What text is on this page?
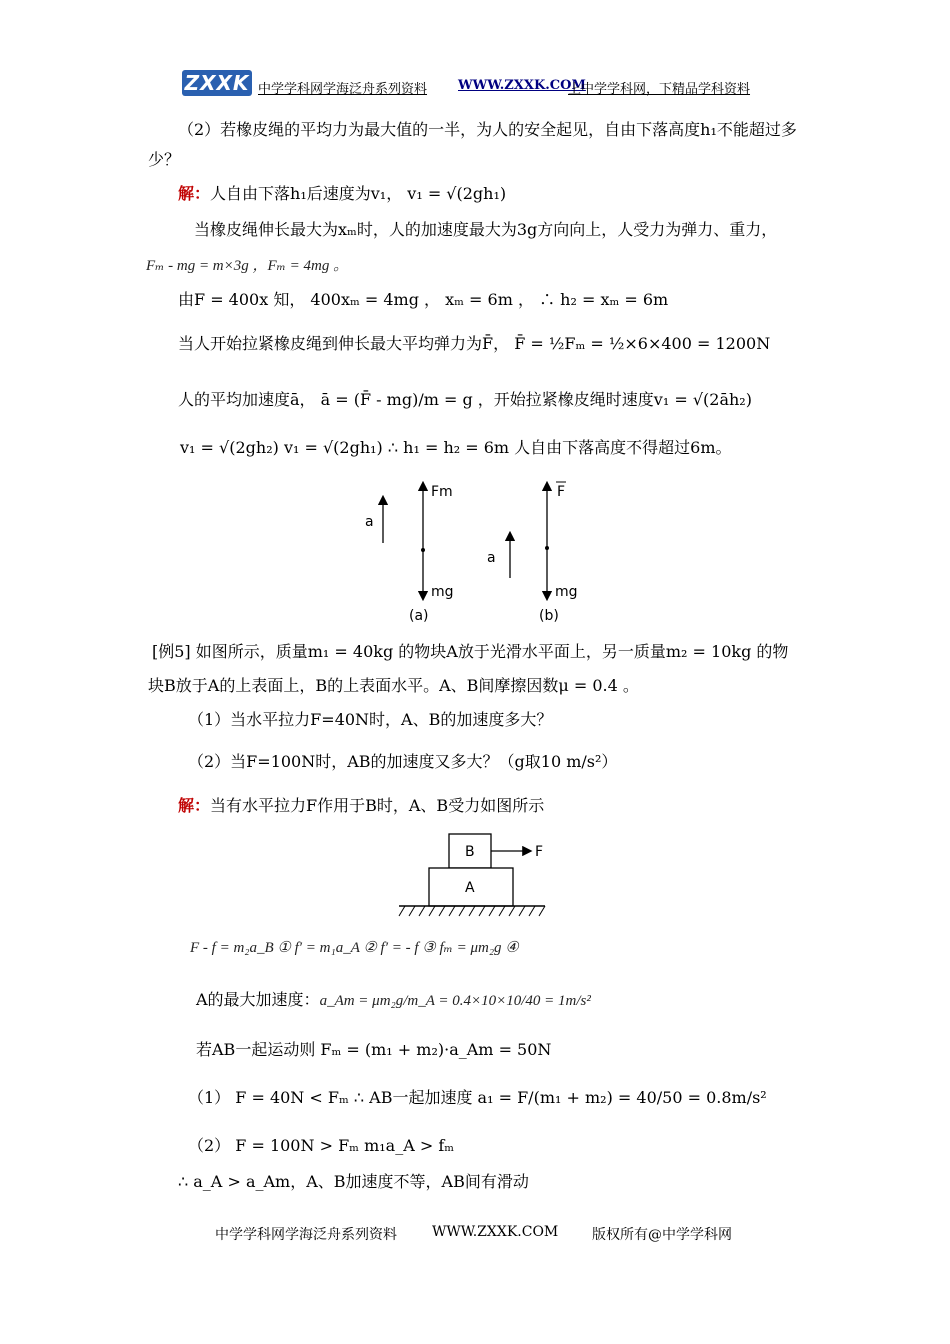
ZXXK 中学学科网学海泛舟系列资料 WWW.ZXXK.COM
上中学学科网，下精品学科资料
（2）若橡皮绳的平均力为最大值的一半，为人的安全起见，自由下落高度h₁不能超过多
少？
解：人自由下落h₁后速度为v₁， v₁ = √(2gh₁)
当橡皮绳伸长最大为xₘ时，人的加速度最大为3g方向向上，人受力为弹力、重力，
Fₘ - mg = m×3g ，Fₘ = 4mg 。
由F = 400x 知， 400xₘ = 4mg ， xₘ = 6m ， ∴ h₂ = xₘ = 6m
当人开始拉紧橡皮绳到伸长最大平均弹力为F̄， F̄ = ½Fₘ = ½×6×400 = 1200N
人的平均加速度ā， ā = (F̄ - mg)/m = g ，开始拉紧橡皮绳时速度v₁ = √(2āh₂)
v₁ = √(2gh₂) v₁ = √(2gh₁) ∴ h₁ = h₂ = 6m 人自由下落高度不得超过6m。
a
Fm
mg
(a)
a
F
mg
(b)
[例5] 如图所示，质量m₁ = 40kg 的物块A放于光滑水平面上，另一质量m₂ = 10kg 的物
块B放于A的上表面上，B的上表面水平。A、B间摩擦因数μ = 0.4 。
（1）当水平拉力F=40N时，A、B的加速度多大？
（2）当F=100N时，AB的加速度又多大？（g取10 m/s²）
解：当有水平拉力F作用于B时，A、B受力如图所示
B
A
F
F - f = m₂a_B ① f′ = m₁a_A ② f′ = - f ③ fₘ = μm₂g ④
A的最大加速度：a_Am = μm₂g/m_A = 0.4×10×10/40 = 1m/s²
若AB一起运动则 Fₘ = (m₁ + m₂)·a_Am = 50N
（1） F = 40N < Fₘ ∴ AB一起加速度 a₁ = F/(m₁ + m₂) = 40/50 = 0.8m/s²
（2） F = 100N > Fₘ m₁a_A > fₘ
∴ a_A > a_Am，A、B加速度不等，AB间有滑动
中学学科网学海泛舟系列资料	WWW.ZXXK.COM 版权所有@中学学科网
